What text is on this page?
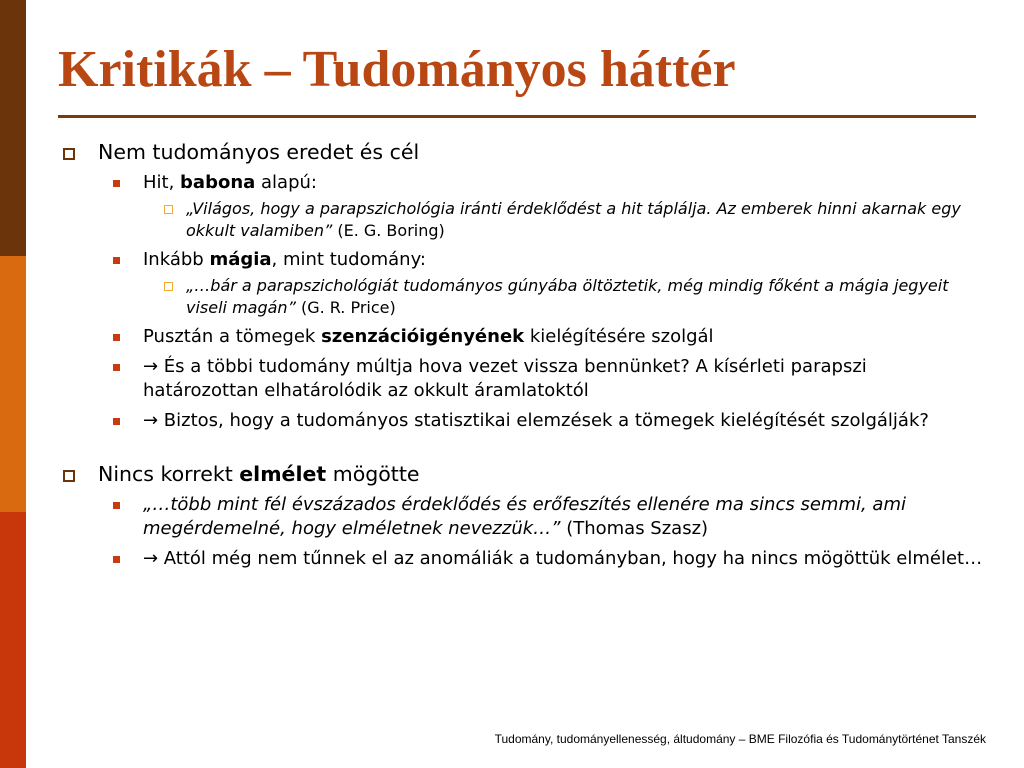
Kritikák – Tudományos háttér
Nem tudományos eredet és cél
Hit, babona alapú:
„Világos, hogy a parapszichológia iránti érdeklődést a hit táplálja. Az emberek hinni akarnak egy okkult valamiben” (E. G. Boring)
Inkább mágia, mint tudomány:
„…bár a parapszichológiát tudományos gúnyába öltöztetik, még mindig főként a mágia jegyeit viseli magán” (G. R. Price)
Pusztán a tömegek szenzációigényének kielégítésére szolgál
→ És a többi tudomány múltja hova vezet vissza bennünket? A kísérleti parapszi határozottan elhatárolódik az okkult áramlatoktól
→ Biztos, hogy a tudományos statisztikai elemzések a tömegek kielégítését szolgálják?
Nincs korrekt elmélet mögötte
„…több mint fél évszázados érdeklődés és erőfeszítés ellenére ma sincs semmi, ami megérdemelné, hogy elméletnek nevezzük…” (Thomas Szasz)
→ Attól még nem tűnnek el az anomáliák a tudományban, hogy ha nincs mögöttük elmélet…
Tudomány, tudományellenesség, áltudomány – BME Filozófia és Tudománytörténet Tanszék
